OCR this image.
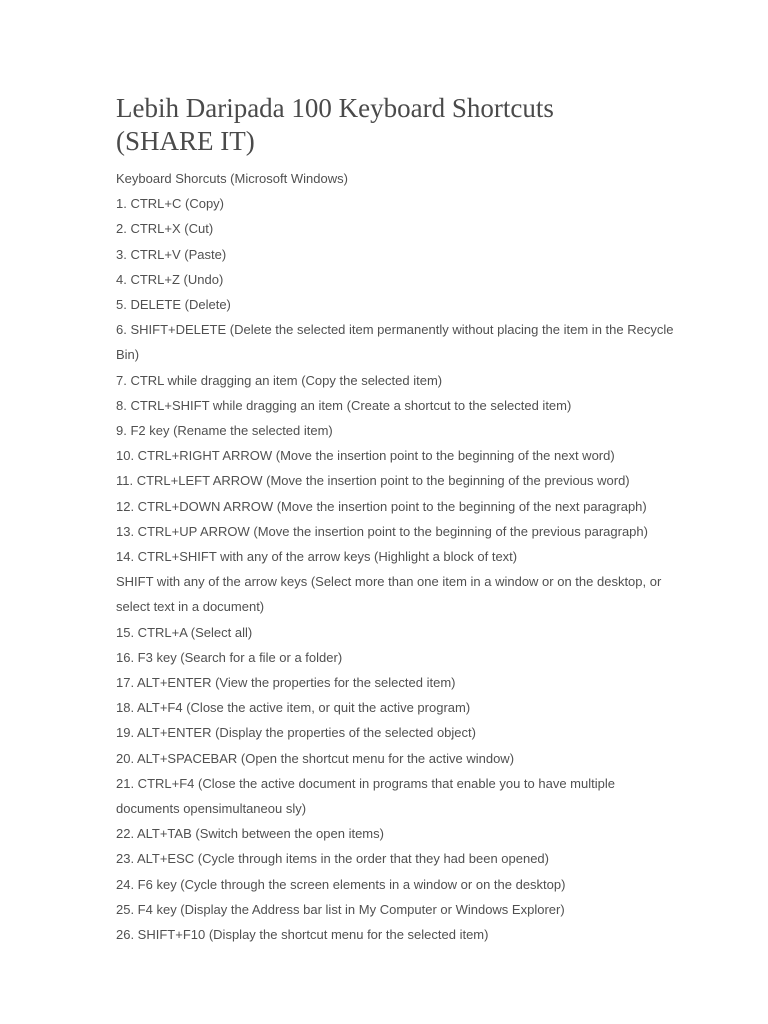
Lebih Daripada 100 Keyboard Shortcuts
(SHARE IT)

Keyboard Shorcuts (Microsoft Windows)

1. CTRL+C (Copy)

2. CTRL+X (Cut)

3. CTRL+V (Paste)

4. CTRL+Z (Undo)

5. DELETE (Delete)

6. SHIFT+DELETE (Delete the selected item permanently without placing the item in the Recycle Bin)

7. CTRL while dragging an item (Copy the selected item)

8. CTRL+SHIFT while dragging an item (Create a shortcut to the selected item)

9. F2 key (Rename the selected item)

10. CTRL+RIGHT ARROW (Move the insertion point to the beginning of the next word)

11. CTRL+LEFT ARROW (Move the insertion point to the beginning of the previous word)

12. CTRL+DOWN ARROW (Move the insertion point to the beginning of the next paragraph)

13. CTRL+UP ARROW (Move the insertion point to the beginning of the previous paragraph)

14. CTRL+SHIFT with any of the arrow keys (Highlight a block of text)

SHIFT with any of the arrow keys (Select more than one item in a window or on the desktop, or select text in a document)

15. CTRL+A (Select all)

16. F3 key (Search for a file or a folder)

17. ALT+ENTER (View the properties for the selected item)

18. ALT+F4 (Close the active item, or quit the active program)

19. ALT+ENTER (Display the properties of the selected object)

20. ALT+SPACEBAR (Open the shortcut menu for the active window)

21. CTRL+F4 (Close the active document in programs that enable you to have multiple documents opensimultaneou sly)

22. ALT+TAB (Switch between the open items)

23. ALT+ESC (Cycle through items in the order that they had been opened)

24. F6 key (Cycle through the screen elements in a window or on the desktop)

25. F4 key (Display the Address bar list in My Computer or Windows Explorer)

26. SHIFT+F10 (Display the shortcut menu for the selected item)
